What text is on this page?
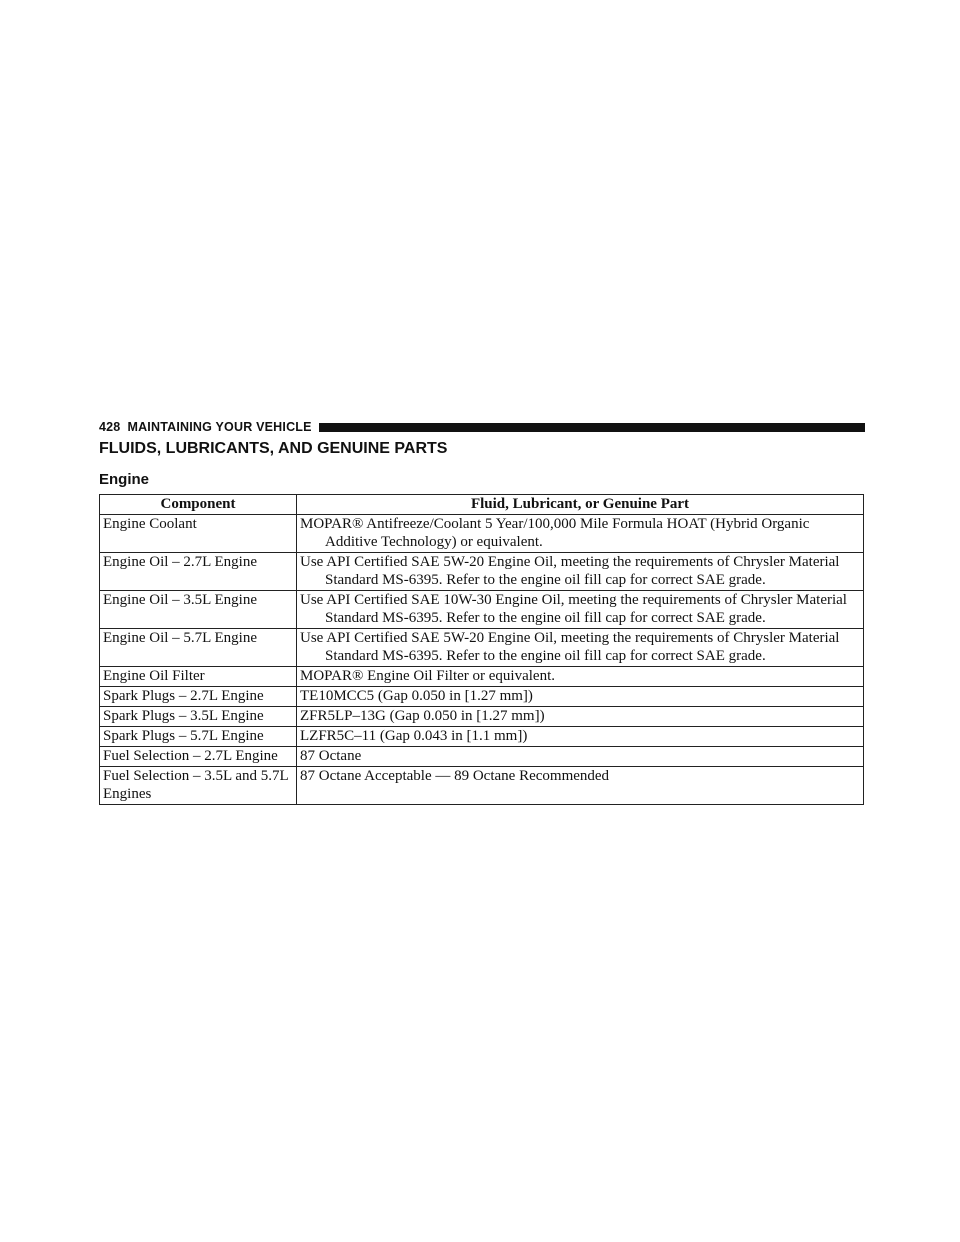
428 MAINTAINING YOUR VEHICLE
FLUIDS, LUBRICANTS, AND GENUINE PARTS
Engine
Component	Fluid, Lubricant, or Genuine Part
Engine Coolant	MOPAR® Antifreeze/Coolant 5 Year/100,000 Mile Formula HOAT (Hybrid Organic Additive Technology) or equivalent.

Engine Oil – 2.7L Engine	Use API Certified SAE 5W-20 Engine Oil, meeting the requirements of Chrysler Material Standard MS-6395. Refer to the engine oil fill cap for correct SAE grade.

Engine Oil – 3.5L Engine	Use API Certified SAE 10W-30 Engine Oil, meeting the requirements of Chrysler Material Standard MS-6395. Refer to the engine oil fill cap for correct SAE grade.

Engine Oil – 5.7L Engine	Use API Certified SAE 5W-20 Engine Oil, meeting the requirements of Chrysler Material Standard MS-6395. Refer to the engine oil fill cap for correct SAE grade.

Engine Oil Filter	MOPAR® Engine Oil Filter or equivalent.

Spark Plugs – 2.7L Engine	TE10MCC5 (Gap 0.050 in [1.27 mm])

Spark Plugs – 3.5L Engine	ZFR5LP–13G (Gap 0.050 in [1.27 mm])

Spark Plugs – 5.7L Engine	LZFR5C–11 (Gap 0.043 in [1.1 mm])

Fuel Selection – 2.7L Engine	87 Octane

Fuel Selection – 3.5L and 5.7L Engines	87 Octane Acceptable — 89 Octane Recommended
